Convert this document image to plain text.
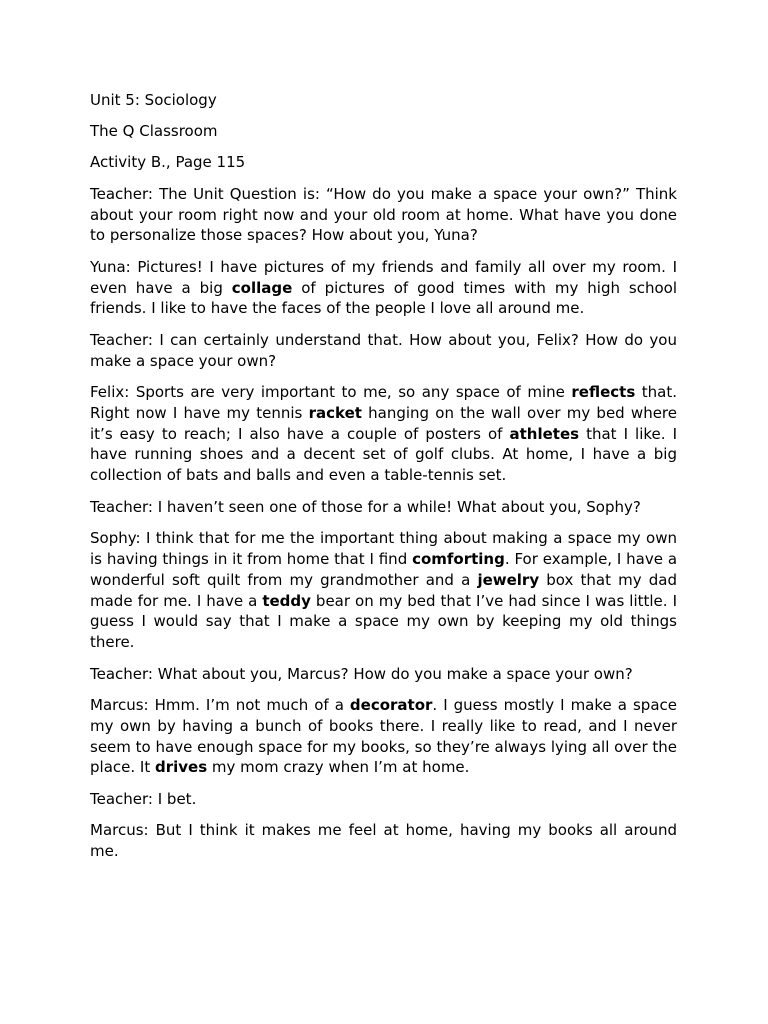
Unit 5: Sociology

The Q Classroom

Activity B., Page 115

Teacher: The Unit Question is: “How do you make a space your own?” Think about your room right now and your old room at home. What have you done to personalize those spaces? How about you, Yuna?

Yuna: Pictures! I have pictures of my friends and family all over my room. I even have a big collage of pictures of good times with my high school friends. I like to have the faces of the people I love all around me.

Teacher: I can certainly understand that. How about you, Felix? How do you make a space your own?

Felix: Sports are very important to me, so any space of mine reflects that. Right now I have my tennis racket hanging on the wall over my bed where it’s easy to reach; I also have a couple of posters of athletes that I like. I have running shoes and a decent set of golf clubs. At home, I have a big collection of bats and balls and even a table-tennis set.

Teacher: I haven’t seen one of those for a while! What about you, Sophy?

Sophy: I think that for me the important thing about making a space my own is having things in it from home that I find comforting. For example, I have a wonderful soft quilt from my grandmother and a jewelry box that my dad made for me. I have a teddy bear on my bed that I’ve had since I was little. I guess I would say that I make a space my own by keeping my old things there.

Teacher: What about you, Marcus? How do you make a space your own?

Marcus: Hmm. I’m not much of a decorator. I guess mostly I make a space my own by having a bunch of books there. I really like to read, and I never seem to have enough space for my books, so they’re always lying all over the place. It drives my mom crazy when I’m at home.

Teacher: I bet.

Marcus: But I think it makes me feel at home, having my books all around me.
